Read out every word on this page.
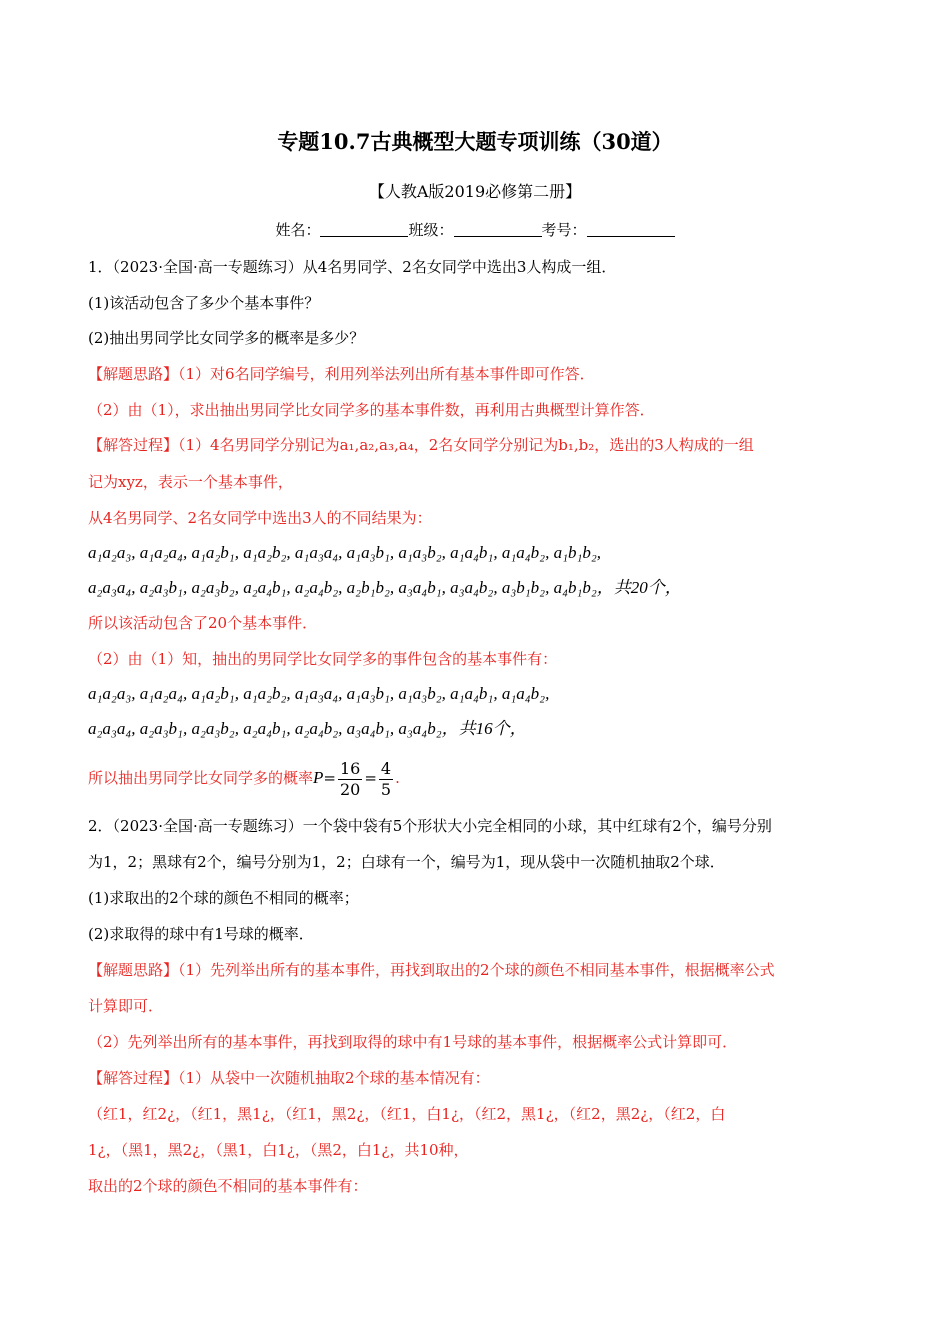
专题10.7古典概型大题专项训练（30道）
【人教A版2019必修第二册】
姓名：	班级：	考号：
1．（2023·全国·高一专题练习）从4名男同学、2名女同学中选出3人构成一组．
(1)该活动包含了多少个基本事件？
(2)抽出男同学比女同学多的概率是多少？
【解题思路】（1）对6名同学编号，利用列举法列出所有基本事件即可作答．
（2）由（1），求出抽出男同学比女同学多的基本事件数，再利用古典概型计算作答．
【解答过程】（1）4名男同学分别记为a₁,a₂,a₃,a₄，2名女同学分别记为b₁,b₂，选出的3人构成的一组
记为xyz，表示一个基本事件，
从4名男同学、2名女同学中选出3人的不同结果为：
a₁a₂a₃, a₁a₂a₄, a₁a₂b₁, a₁a₂b₂, a₁a₃a₄, a₁a₃b₁, a₁a₃b₂, a₁a₄b₁, a₁a₄b₂, a₁b₁b₂,
a₂a₃a₄, a₂a₃b₁, a₂a₃b₂, a₂a₄b₁, a₂a₄b₂, a₂b₁b₂, a₃a₄b₁, a₃a₄b₂, a₃b₁b₂, a₄b₁b₂，共20个，
所以该活动包含了20个基本事件．
（2）由（1）知，抽出的男同学比女同学多的事件包含的基本事件有：
a₁a₂a₃, a₁a₂a₄, a₁a₂b₁, a₁a₂b₂, a₁a₃a₄, a₁a₃b₁, a₁a₃b₂, a₁a₄b₁, a₁a₄b₂,
a₂a₃a₄, a₂a₃b₁, a₂a₃b₂, a₂a₄b₁, a₂a₄b₂, a₃a₄b₁, a₃a₄b₂，共16个，
所以抽出男同学比女同学多的概率$P= \frac{16}{20} = \frac{4}{5}$ .
2．（2023·全国·高一专题练习）一个袋中袋有5个形状大小完全相同的小球，其中红球有2个，编号分别
为1，2；黑球有2个，编号分别为1，2；白球有一个，编号为1，现从袋中一次随机抽取2个球．
(1)求取出的2个球的颜色不相同的概率；
(2)求取得的球中有1号球的概率．
【解题思路】（1）先列举出所有的基本事件，再找到取出的2个球的颜色不相同基本事件，根据概率公式
计算即可．
（2）先列举出所有的基本事件，再找到取得的球中有1号球的基本事件，根据概率公式计算即可．
【解答过程】（1）从袋中一次随机抽取2个球的基本情况有：
（红1，红2¿，（红1，黑1¿，（红1，黑2¿，（红1，白1¿，（红2，黑1¿，（红2，黑2¿，（红2，白
1¿，（黑1，黑2¿，（黑1，白1¿，（黑2，白1¿，共10种，
取出的2个球的颜色不相同的基本事件有：
